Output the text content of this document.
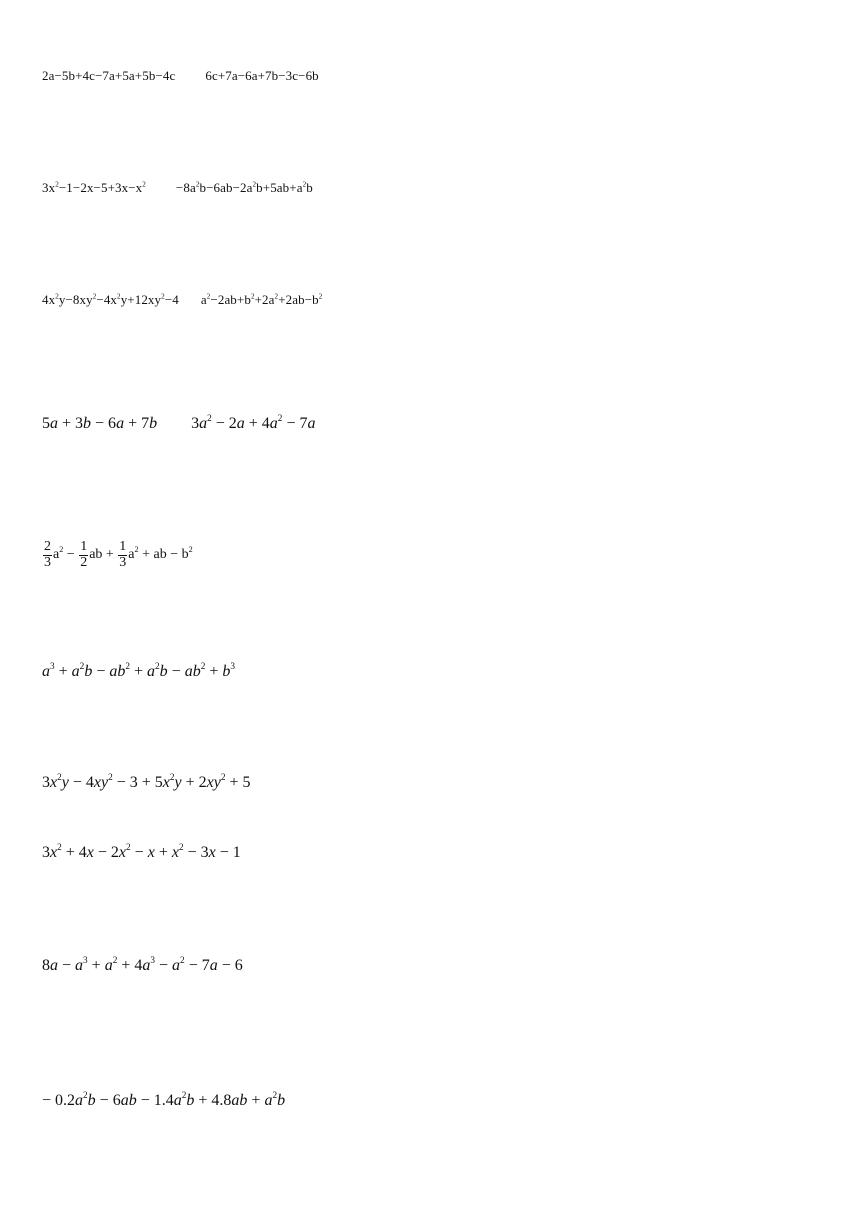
2a−5b+4c−7a+5a+5b−4c 6c+7a−6a+7b−3c−6b
$3x^2-1-2x-5+3x-x^2 -8a^2b-6ab-2a^2b+5ab+a^2b$
$4x^2y-8xy^2-4x^2y+12xy^2-4$ $a^2-2ab+b^2+2a^2+2ab-b^2$
5a + 3b − 6a + 7b $3a^2 - 2a + 4a^2 - 7a$
$\frac{2}{3} a^2 - \frac{1}{2}$ ab + $\frac{1}{3} a^2$ + ab − $b^2$
$a^3 + a^2b - ab^2 + a^2b - ab^2 + b^3$
$3x^2y - 4xy^2 - 3 + 5x^2y + 2xy^2 + 5$
$3x^2 + 4x - 2x^2 - x + x^2 - 3x - 1$
$8a - a^3 + a^2 + 4a^3 - a^2 - 7a - 6$
− $0.2a^2b - 6ab - 1.4a^2b + 4.8ab + a^2b$
